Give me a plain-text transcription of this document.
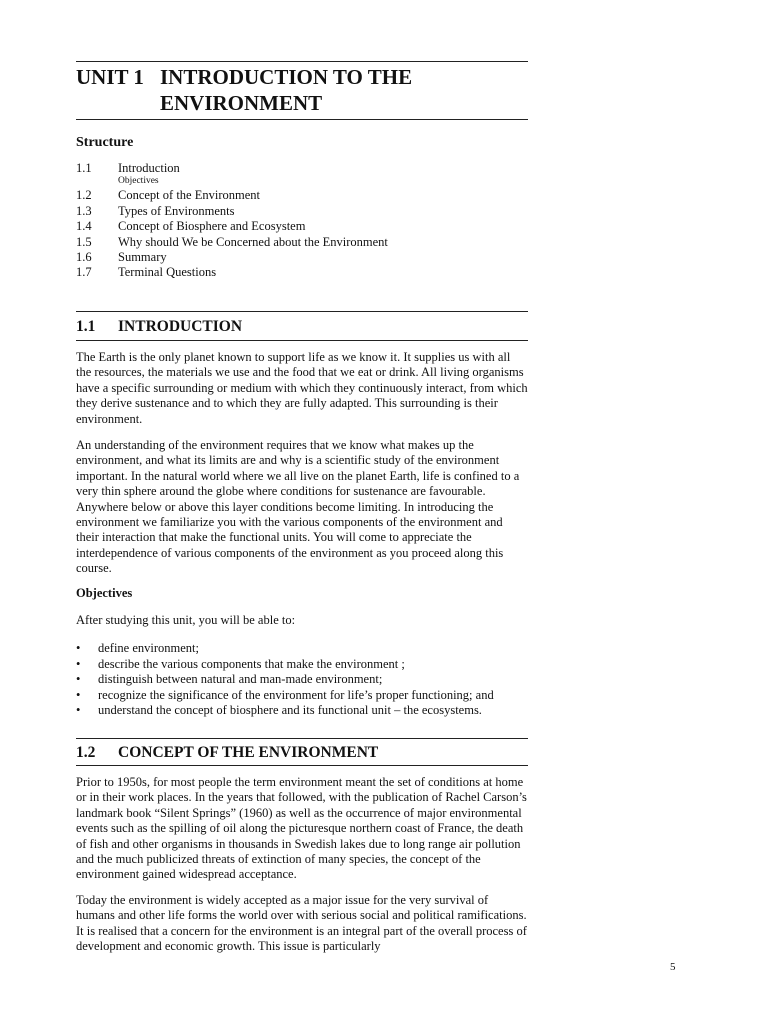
UNIT 1 INTRODUCTION TO THE
ENVIRONMENT
Structure
1.1 Introduction
Objectives
1.2 Concept of the Environment
1.3 Types of Environments
1.4 Concept of Biosphere and Ecosystem
1.5 Why should We be Concerned about the Environment
1.6 Summary
1.7 Terminal Questions
1.1 INTRODUCTION
The Earth is the only planet known to support life as we know it. It supplies us with all the resources, the materials we use and the food that we eat or drink. All living organisms have a specific surrounding or medium with which they continuously interact, from which they derive sustenance and to which they are fully adapted. This surrounding is their environment.
An understanding of the environment requires that we know what makes up the environment, and what its limits are and why is a scientific study of the environment important. In the natural world where we all live on the planet Earth, life is confined to a very thin sphere around the globe where conditions for sustenance are favourable. Anywhere below or above this layer conditions become limiting. In introducing the environment we familiarize you with the various components of the environment and their interaction that make the functional units. You will come to appreciate the interdependence of various components of the environment as you proceed along this course.
Objectives
After studying this unit, you will be able to:
• define environment;
• describe the various components that make the environment ;
• distinguish between natural and man-made environment;
• recognize the significance of the environment for life’s proper functioning; and
• understand the concept of biosphere and its functional unit – the ecosystems.
1.2 CONCEPT OF THE ENVIRONMENT
Prior to 1950s, for most people the term environment meant the set of conditions at home or in their work places. In the years that followed, with the publication of Rachel Carson’s landmark book “Silent Springs” (1960) as well as the occurrence of major environmental events such as the spilling of oil along the picturesque northern coast of France, the death of fish and other organisms in thousands in Swedish lakes due to long range air pollution and the much publicized threats of extinction of many species, the concept of the environment gained widespread acceptance.
Today the environment is widely accepted as a major issue for the very survival of humans and other life forms the world over with serious social and political ramifications. It is realised that a concern for the environment is an integral part of the overall process of development and economic growth. This issue is particularly
5
